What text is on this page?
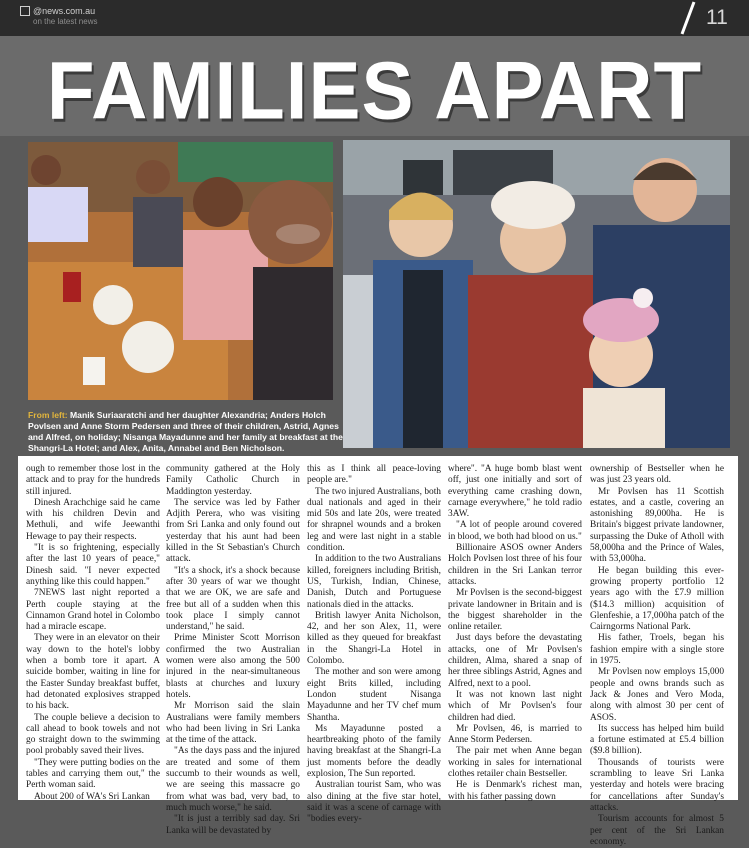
@news.com.au
on the latest news	11
FAMILIES APART
From left: Manik Suriaaratchi and her daughter Alexandria; Anders Holch Povlsen and Anne Storm Pedersen and three of their children, Astrid, Agnes and Alfred, on holiday; Nisanga Mayadunne and her family at breakfast at the Shangri-La Hotel; and Alex, Anita, Annabel and Ben Nicholson.

ough to remember those lost in the attack and to pray for the hundreds still injured.

Dinesh Arachchige said he came with his children Devin and Methuli, and wife Jeewanthi Hewage to pay their respects.

"It is so frightening, especially after the last 10 years of peace," Dinesh said. "I never expected anything like this could happen."

7NEWS last night reported a Perth couple staying at the Cinnamon Grand hotel in Colombo had a miracle escape.

They were in an elevator on their way down to the hotel's lobby when a bomb tore it apart. A suicide bomber, waiting in line for the Easter Sunday breakfast buffet, had detonated explosives strapped to his back.

The couple believe a decision to call ahead to book towels and not go straight down to the swimming pool probably saved their lives.

"They were putting bodies on the tables and carrying them out," the Perth woman said.

About 200 of WA's Sri Lankan

community gathered at the Holy Family Catholic Church in Maddington yesterday.

The service was led by Father Adjith Perera, who was visiting from Sri Lanka and only found out yesterday that his aunt had been killed in the St Sebastian's Church attack.

"It's a shock, it's a shock because after 30 years of war we thought that we are OK, we are safe and free but all of a sudden when this took place I simply cannot understand," he said.

Prime Minister Scott Morrison confirmed the two Australian women were also among the 500 injured in the near-simultaneous blasts at churches and luxury hotels.

Mr Morrison said the slain Australians were family members who had been living in Sri Lanka at the time of the attack.

"As the days pass and the injured are treated and some of them succumb to their wounds as well, we are seeing this massacre go from what was bad, very bad, to much much worse," he said.

"It is just a terribly sad day. Sri Lanka will be devastated by

this as I think all peace-loving people are."

The two injured Australians, both dual nationals and aged in their mid 50s and late 20s, were treated for shrapnel wounds and a broken leg and were last night in a stable condition.

In addition to the two Australians killed, foreigners including British, US, Turkish, Indian, Chinese, Danish, Dutch and Portuguese nationals died in the attacks.

British lawyer Anita Nicholson, 42, and her son Alex, 11, were killed as they queued for breakfast in the Shangri-La Hotel in Colombo.

The mother and son were among eight Brits killed, including London student Nisanga Mayadunne and her TV chef mum Shantha.

Ms Mayadunne posted a heartbreaking photo of the family having breakfast at the Shangri-La just moments before the deadly explosion, The Sun reported.

Australian tourist Sam, who was also dining at the five star hotel, said it was a scene of carnage with "bodies every-

where". "A huge bomb blast went off, just one initially and sort of everything came crashing down, carnage everywhere," he told radio 3AW.

"A lot of people around covered in blood, we both had blood on us."

Billionaire ASOS owner Anders Holch Povlsen lost three of his four children in the Sri Lankan terror attacks.

Mr Povlsen is the second-biggest private landowner in Britain and is the biggest shareholder in the online retailer.

Just days before the devastating attacks, one of Mr Povlsen's children, Alma, shared a snap of her three siblings Astrid, Agnes and Alfred, next to a pool.

It was not known last night which of Mr Povlsen's four children had died.

Mr Povlsen, 46, is married to Anne Storm Pedersen.

The pair met when Anne began working in sales for international clothes retailer chain Bestseller.

He is Denmark's richest man, with his father passing down

ownership of Bestseller when he was just 23 years old.

Mr Povlsen has 11 Scottish estates, and a castle, covering an astonishing 89,000ha. He is Britain's biggest private landowner, surpassing the Duke of Atholl with 58,000ha and the Prince of Wales, with 53,000ha.

He began building this ever-growing property portfolio 12 years ago with the £7.9 million ($14.3 million) acquisition of Glenfeshie, a 17,000ha patch of the Cairngorms National Park.

His father, Troels, began his fashion empire with a single store in 1975.

Mr Povlsen now employs 15,000 people and owns brands such as Jack & Jones and Vero Moda, along with almost 30 per cent of ASOS.

Its success has helped him build a fortune estimated at £5.4 billion ($9.8 billion).

Thousands of tourists were scrambling to leave Sri Lanka yesterday and hotels were bracing for cancellations after Sunday's attacks.

Tourism accounts for almost 5 per cent of the Sri Lankan economy.
